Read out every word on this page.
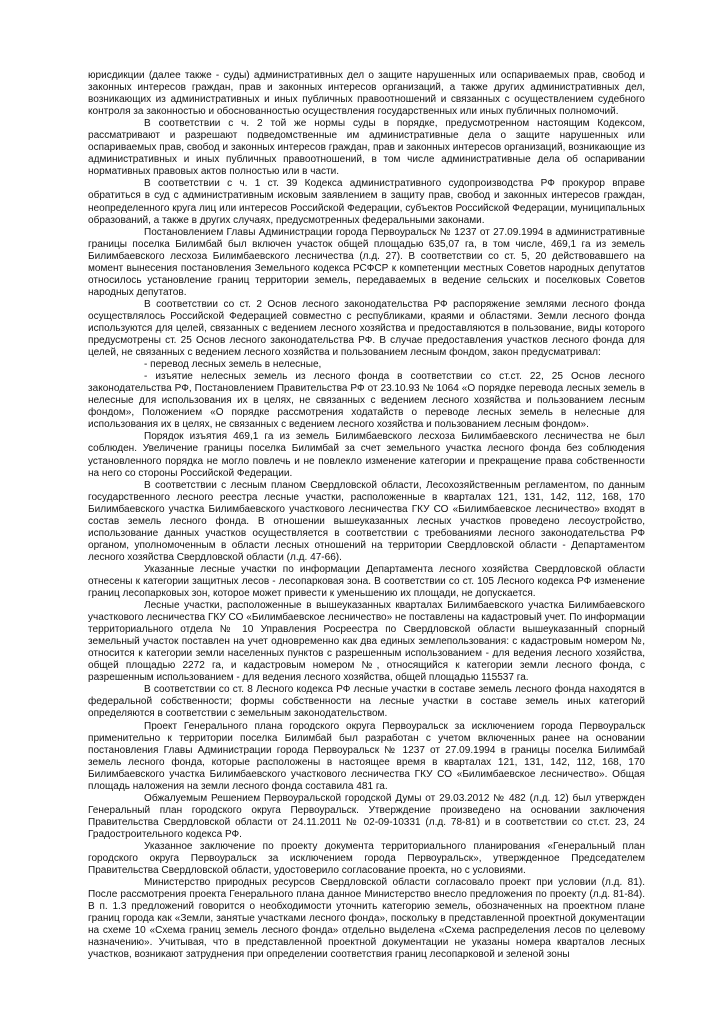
юрисдикции (далее также - суды) административных дел о защите нарушенных или оспариваемых прав, свобод и законных интересов граждан, прав и законных интересов организаций, а также других административных дел, возникающих из административных и иных публичных правоотношений и связанных с осуществлением судебного контроля за законностью и обоснованностью осуществления государственных или иных публичных полномочий.

В соответствии с ч. 2 той же нормы суды в порядке, предусмотренном настоящим Кодексом, рассматривают и разрешают подведомственные им административные дела о защите нарушенных или оспариваемых прав, свобод и законных интересов граждан, прав и законных интересов организаций, возникающие из административных и иных публичных правоотношений, в том числе административные дела об оспаривании нормативных правовых актов полностью или в части.

В соответствии с ч. 1 ст. 39 Кодекса административного судопроизводства РФ прокурор вправе обратиться в суд с административным исковым заявлением в защиту прав, свобод и законных интересов граждан, неопределенного круга лиц или интересов Российской Федерации, субъектов Российской Федерации, муниципальных образований, а также в других случаях, предусмотренных федеральными законами.

Постановлением Главы Администрации города Первоуральск № 1237 от 27.09.1994 в административные границы поселка Билимбай был включен участок общей площадью 635,07 га, в том числе, 469,1 га из земель Билимбаевского лесхоза Билимбаевского лесничества (л.д. 27). В соответствии со ст. 5, 20 действовавшего на момент вынесения постановления Земельного кодекса РСФСР к компетенции местных Советов народных депутатов относилось установление границ территории земель, передаваемых в ведение сельских и поселковых Советов народных депутатов.

В соответствии со ст. 2 Основ лесного законодательства РФ распоряжение землями лесного фонда осуществлялось Российской Федерацией совместно с республиками, краями и областями. Земли лесного фонда используются для целей, связанных с ведением лесного хозяйства и предоставляются в пользование, виды которого предусмотрены ст. 25 Основ лесного законодательства РФ. В случае предоставления участков лесного фонда для целей, не связанных с ведением лесного хозяйства и пользованием лесным фондом, закон предусматривал:

- перевод лесных земель в нелесные,

- изъятие нелесных земель из лесного фонда в соответствии со ст.ст. 22, 25 Основ лесного законодательства РФ, Постановлением Правительства РФ от 23.10.93 № 1064 «О порядке перевода лесных земель в нелесные для использования их в целях, не связанных с ведением лесного хозяйства и пользованием лесным фондом», Положением «О порядке рассмотрения ходатайств о переводе лесных земель в нелесные для использования их в целях, не связанных с ведением лесного хозяйства и пользованием лесным фондом».

Порядок изъятия 469,1 га из земель Билимбаевского лесхоза Билимбаевского лесничества не был соблюден. Увеличение границы поселка Билимбай за счет земельного участка лесного фонда без соблюдения установленного порядка не могло повлечь и не повлекло изменение категории и прекращение права собственности на него со стороны Российской Федерации.

В соответствии с лесным планом Свердловской области, Лесохозяйственным регламентом, по данным государственного лесного реестра лесные участки, расположенные в кварталах 121, 131, 142, 112, 168, 170 Билимбаевского участка Билимбаевского участкового лесничества ГКУ СО «Билимбаевское лесничество» входят в состав земель лесного фонда. В отношении вышеуказанных лесных участков проведено лесоустройство, использование данных участков осуществляется в соответствии с требованиями лесного законодательства РФ органом, уполномоченным в области лесных отношений на территории Свердловской области - Департаментом лесного хозяйства Свердловской области (л.д. 47-66).

Указанные лесные участки по информации Департамента лесного хозяйства Свердловской области отнесены к категории защитных лесов - лесопарковая зона. В соответствии со ст. 105 Лесного кодекса РФ изменение границ лесопарковых зон, которое может привести к уменьшению их площади, не допускается.

Лесные участки, расположенные в вышеуказанных кварталах Билимбаевского участка Билимбаевского участкового лесничества ГКУ СО «Билимбаевское лесничество» не поставлены на кадастровый учет. По информации территориального отдела № 10 Управления Росреестра по Свердловской области вышеуказанный спорный земельный участок поставлен на учет одновременно как два единых землепользования: с кадастровым номером №, относится к категории земли населенных пунктов с разрешенным использованием - для ведения лесного хозяйства, общей площадью 2272 га, и кадастровым номером №, относящийся к категории земли лесного фонда, с разрешенным использованием - для ведения лесного хозяйства, общей площадью 115537 га.

В соответствии со ст. 8 Лесного кодекса РФ лесные участки в составе земель лесного фонда находятся в федеральной собственности; формы собственности на лесные участки в составе земель иных категорий определяются в соответствии с земельным законодательством.

Проект Генерального плана городского округа Первоуральск за исключением города Первоуральск применительно к территории поселка Билимбай был разработан с учетом включенных ранее на основании постановления Главы Администрации города Первоуральск № 1237 от 27.09.1994 в границы поселка Билимбай земель лесного фонда, которые расположены в настоящее время в кварталах 121, 131, 142, 112, 168, 170 Билимбаевского участка Билимбаевского участкового лесничества ГКУ СО «Билимбаевское лесничество». Общая площадь наложения на земли лесного фонда составила 481 га.

Обжалуемым Решением Первоуральской городской Думы от 29.03.2012 № 482 (л.д. 12) был утвержден Генеральный план городского округа Первоуральск. Утверждение произведено на основании заключения Правительства Свердловской области от 24.11.2011 № 02-09-10331 (л.д. 78-81) и в соответствии со ст.ст. 23, 24 Градостроительного кодекса РФ.

Указанное заключение по проекту документа территориального планирования «Генеральный план городского округа Первоуральск за исключением города Первоуральск», утвержденное Председателем Правительства Свердловской области, удостоверило согласование проекта, но с условиями.

Министерство природных ресурсов Свердловской области согласовало проект при условии (л.д. 81). После рассмотрения проекта Генерального плана данное Министерство внесло предложения по проекту (л.д. 81-84). В п. 1.3 предложений говорится о необходимости уточнить категорию земель, обозначенных на проектном плане границ города как «Земли, занятые участками лесного фонда», поскольку в представленной проектной документации на схеме 10 «Схема границ земель лесного фонда» отдельно выделена «Схема распределения лесов по целевому назначению». Учитывая, что в представленной проектной документации не указаны номера кварталов лесных участков, возникают затруднения при определении соответствия границ лесопарковой и зеленой зоны
